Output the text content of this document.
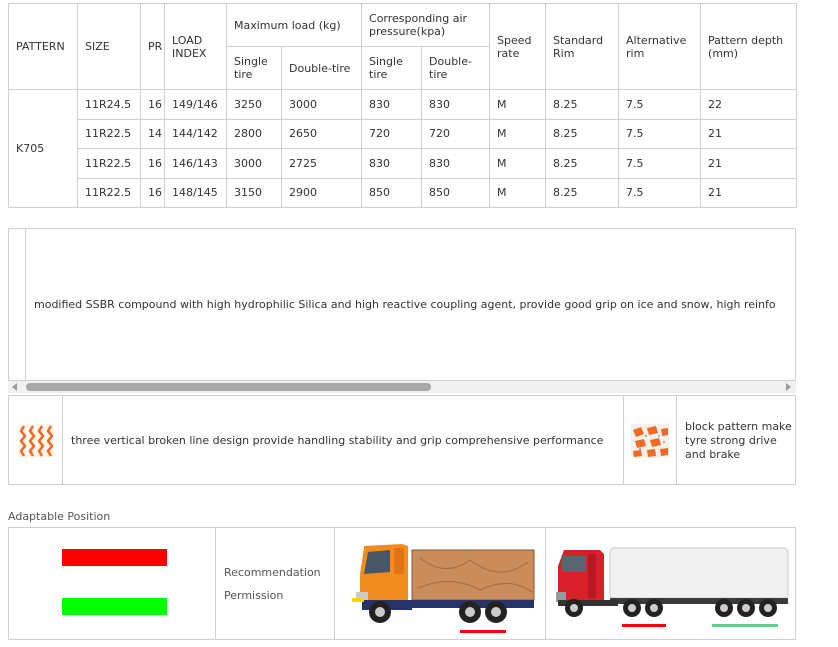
PATTERN	SIZE	PR	LOAD INDEX	Maximum load (kg)		Corresponding air pressure(kpa)		Speed rate	Standard Rim	Alternative rim	Pattern depth (mm)
				Single tire	Double-tire	Single tire	Double-tire				
K705	11R24.5	16	149/146	3250	3000	830	830	M	8.25	7.5	22
	11R22.5	14	144/142	2800	2650	720	720	M	8.25	7.5	21
	11R22.5	16	146/143	3000	2725	830	830	M	8.25	7.5	21
	11R22.5	16	148/145	3150	2900	850	850	M	8.25	7.5	21
modified SSBR compound with high hydrophilic Silica and high reactive coupling agent, provide good grip on ice and snow, high reinfo
three vertical broken line design provide handling stability and grip comprehensive performance
block pattern make tyre strong drive and brake
Adaptable Position
Recommendation
Permission
